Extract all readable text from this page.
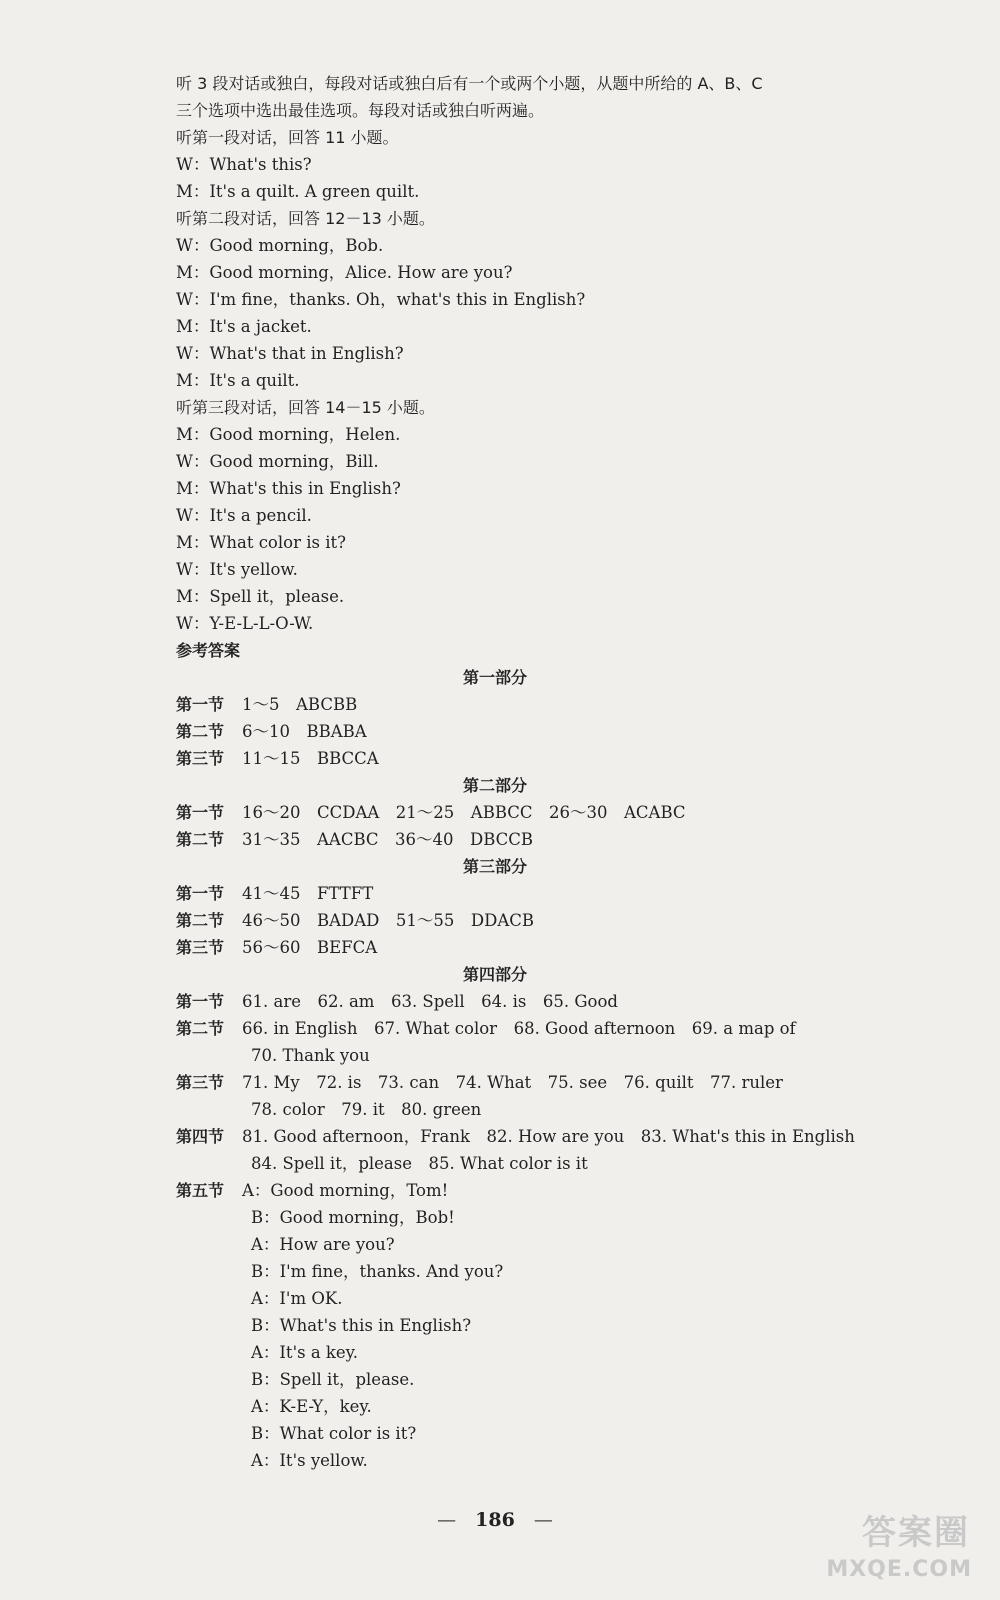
听 3 段对话或独白，每段对话或独白后有一个或两个小题，从题中所给的 A、B、C
三个选项中选出最佳选项。每段对话或独白听两遍。
听第一段对话，回答 11 小题。
W：What's this?
M：It's a quilt. A green quilt.
听第二段对话，回答 12－13 小题。
W：Good morning，Bob.
M：Good morning，Alice. How are you?
W：I'm fine，thanks. Oh，what's this in English?
M：It's a jacket.
W：What's that in English?
M：It's a quilt.
听第三段对话，回答 14－15 小题。
M：Good morning，Helen.
W：Good morning，Bill.
M：What's this in English?
W：It's a pencil.
M：What color is it?
W：It's yellow.
M：Spell it，please.
W：Y-E-L-L-O-W.
参考答案
第一部分
第一节 1～5　ABCBB
第二节 6～10　BBABA
第三节 11～15　BBCCA
第二部分
第一节 16～20　CCDAA　21～25　ABBCC　26～30　ACABC
第二节 31～35　AACBC　36～40　DBCCB
第三部分
第一节 41～45　FTTFT
第二节 46～50　BADAD　51～55　DDACB
第三节 56～60　BEFCA
第四部分
第一节 61. are　62. am　63. Spell　64. is　65. Good
第二节 66. in English　67. What color　68. Good afternoon　69. a map of
70. Thank you
第三节 71. My　72. is　73. can　74. What　75. see　76. quilt　77. ruler
78. color　79. it　80. green
第四节 81. Good afternoon，Frank　82. How are you　83. What's this in English
84. Spell it，please　85. What color is it
第五节 A：Good morning，Tom!
B：Good morning，Bob!
A：How are you?
B：I'm fine，thanks. And you?
A：I'm OK.
B：What's this in English?
A：It's a key.
B：Spell it，please.
A：K-E-Y，key.
B：What color is it?
A：It's yellow.
—　186　—	答案圈
MXQE.COM
